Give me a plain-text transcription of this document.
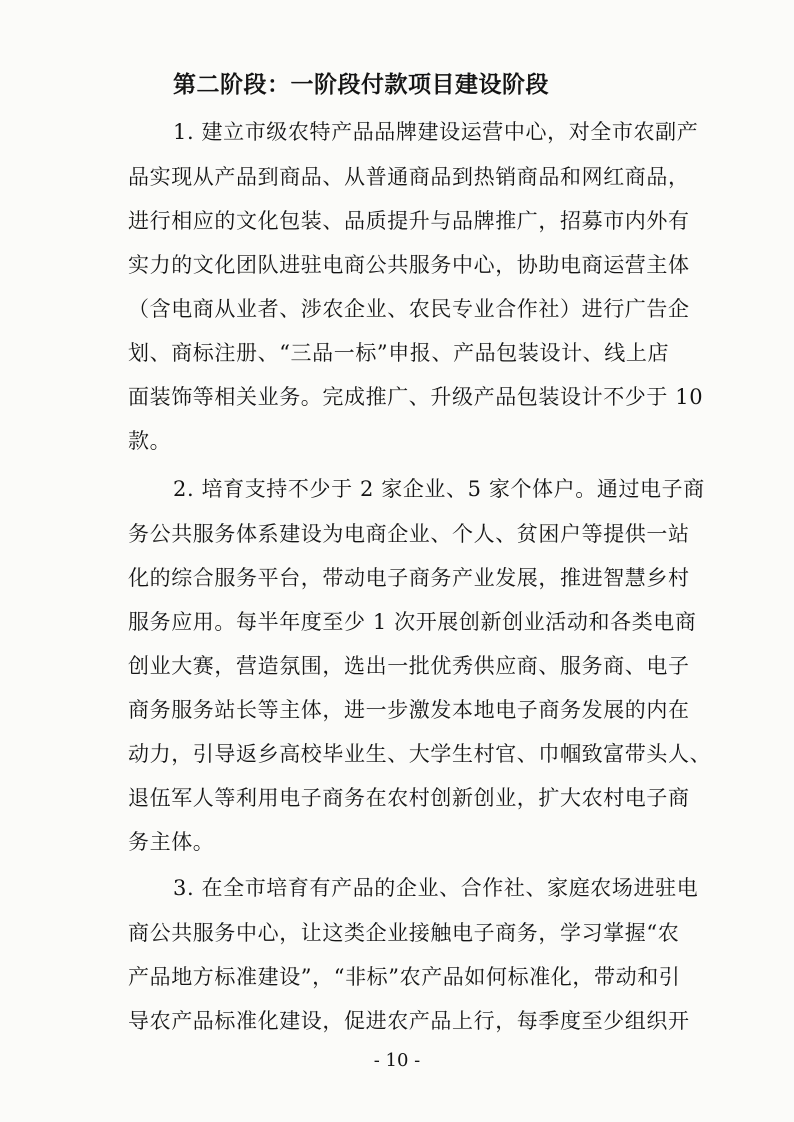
第二阶段：一阶段付款项目建设阶段
1. 建立市级农特产品品牌建设运营中心，对全市农副产
品实现从产品到商品、从普通商品到热销商品和网红商品，
进行相应的文化包装、品质提升与品牌推广，招募市内外有
实力的文化团队进驻电商公共服务中心，协助电商运营主体
（含电商从业者、涉农企业、农民专业合作社）进行广告企
划、商标注册、“三品一标”申报、产品包装设计、线上店
面装饰等相关业务。完成推广、升级产品包装设计不少于 10
款。
2. 培育支持不少于 2 家企业、5 家个体户。通过电子商
务公共服务体系建设为电商企业、个人、贫困户等提供一站
化的综合服务平台，带动电子商务产业发展，推进智慧乡村
服务应用。每半年度至少 1 次开展创新创业活动和各类电商
创业大赛，营造氛围，选出一批优秀供应商、服务商、电子
商务服务站长等主体，进一步激发本地电子商务发展的内在
动力，引导返乡高校毕业生、大学生村官、巾帼致富带头人、
退伍军人等利用电子商务在农村创新创业，扩大农村电子商
务主体。
3. 在全市培育有产品的企业、合作社、家庭农场进驻电
商公共服务中心，让这类企业接触电子商务，学习掌握“农
产品地方标准建设”，“非标”农产品如何标准化，带动和引
导农产品标准化建设，促进农产品上行，每季度至少组织开
- 10 -
